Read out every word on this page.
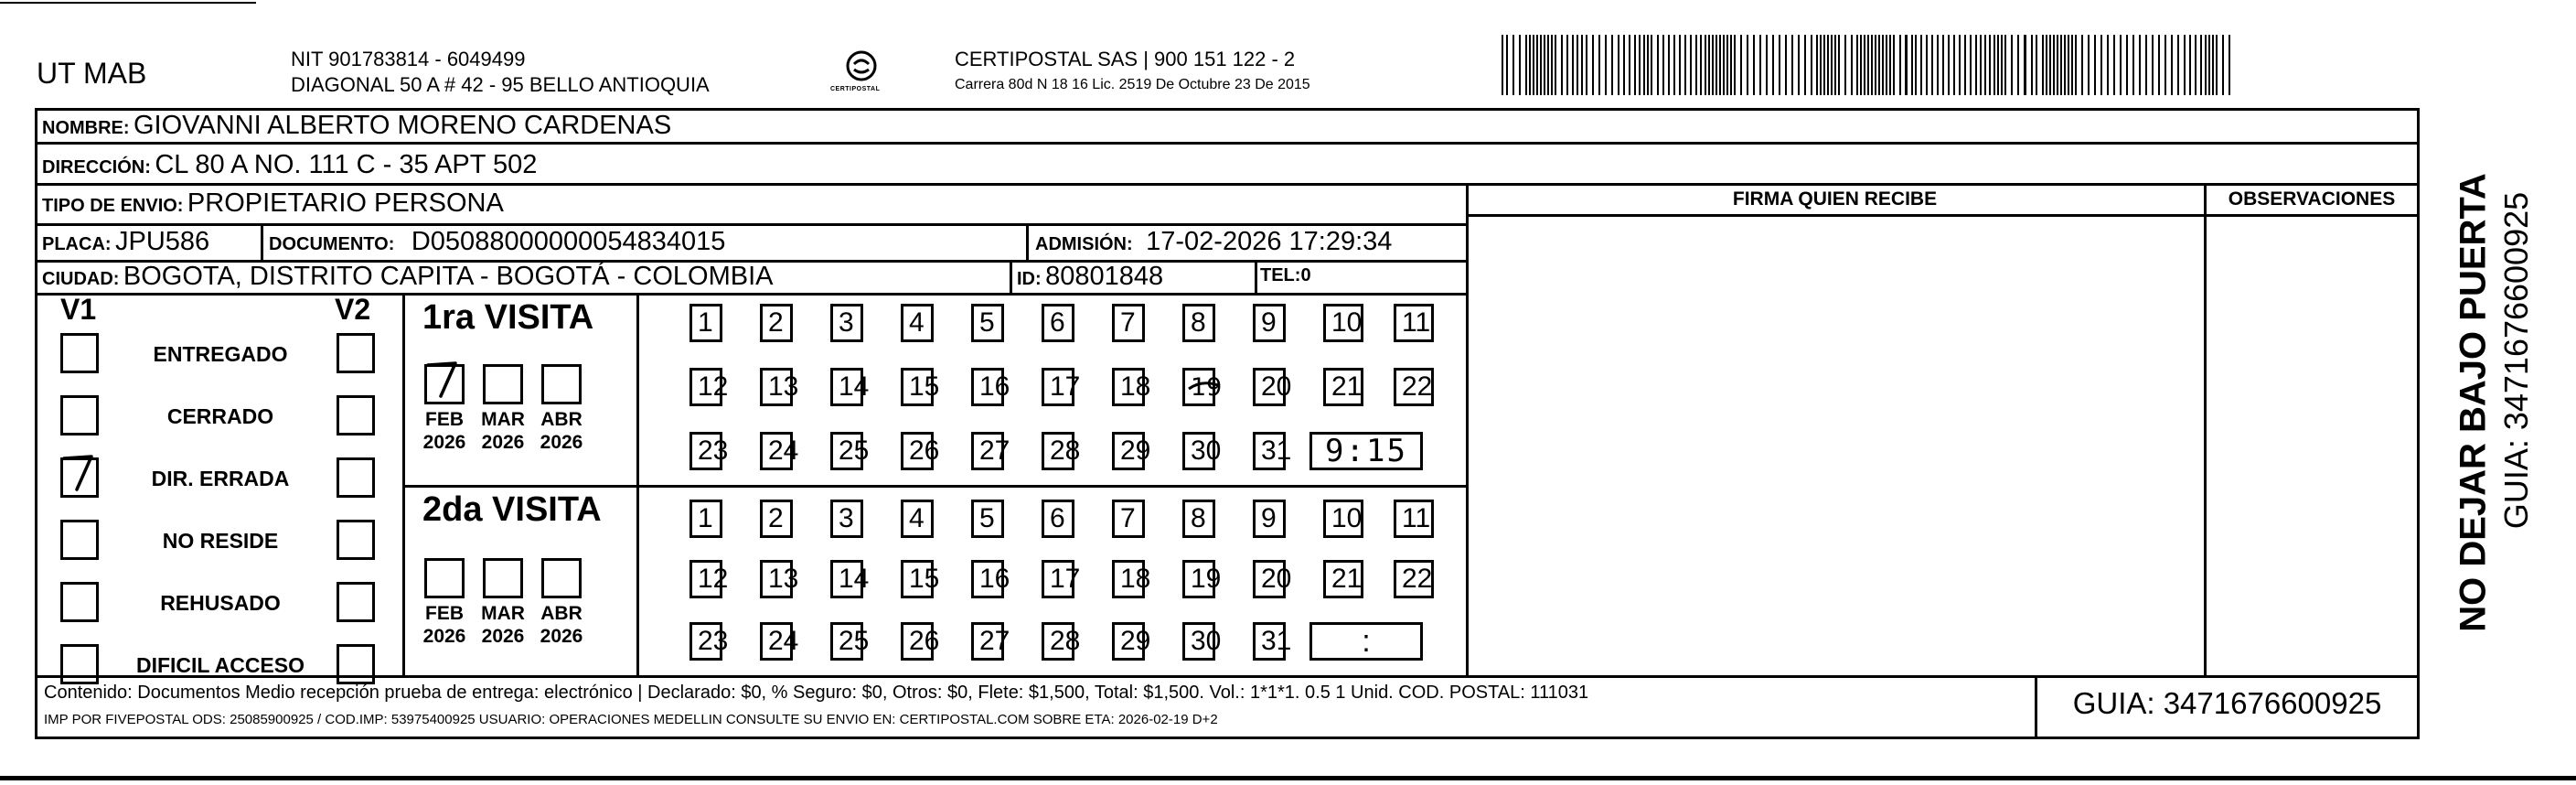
UT MAB	NIT 901783814 - 6049499
DIAGONAL 50 A # 42 - 95 BELLO ANTIOQUIA	CERTIPOSTAL
CERTIPOSTAL SAS | 900 151 122 - 2
Carrera 80d N 18 16 Lic. 2519 De Octubre 23 De 2015
NOMBRE: GIOVANNI ALBERTO MORENO CARDENAS
DIRECCIÓN: CL 80 A NO. 111 C - 35 APT 502
TIPO DE ENVIO: PROPIETARIO PERSONA	FIRMA QUIEN RECIBE	OBSERVACIONES
PLACA: JPU586	DOCUMENTO: D05088000000054834015	ADMISIÓN: 17-02-2026 17:29:34
CIUDAD: BOGOTA, DISTRITO CAPITA - BOGOTÁ - COLOMBIA	ID: 80801848	TEL:0
V1	V2
ENTREGADO
CERRADO
DIR. ERRADA
NO RESIDE
REHUSADO
DIFICIL ACCESO
1ra VISITA
FEB
2026
MAR
2026
ABR
2026
1	2	3	4	5	6	7	8	9	10	11
12	13	14	15	16	17	18	19	20	21	22
23	24	25	26	27	28	29	30	31	9:15
2da VISITA
FEB
2026
MAR
2026
ABR
2026
1	2	3	4	5	6	7	8	9	10	11
12	13	14	15	16	17	18	19	20	21	22
23	24	25	26	27	28	29	30	31	:
Contenido: Documentos Medio recepción prueba de entrega: electrónico | Declarado: $0, % Seguro: $0, Otros: $0, Flete: $1,500, Total: $1,500. Vol.: 1*1*1. 0.5 1 Unid. COD. POSTAL: 111031
IMP POR FIVEPOSTAL ODS: 25085900925 / COD.IMP: 53975400925 USUARIO: OPERACIONES MEDELLIN CONSULTE SU ENVIO EN: CERTIPOSTAL.COM SOBRE ETA: 2026-02-19 D+2	GUIA: 3471676600925
NO DEJAR BAJO PUERTA GUIA: 3471676600925
